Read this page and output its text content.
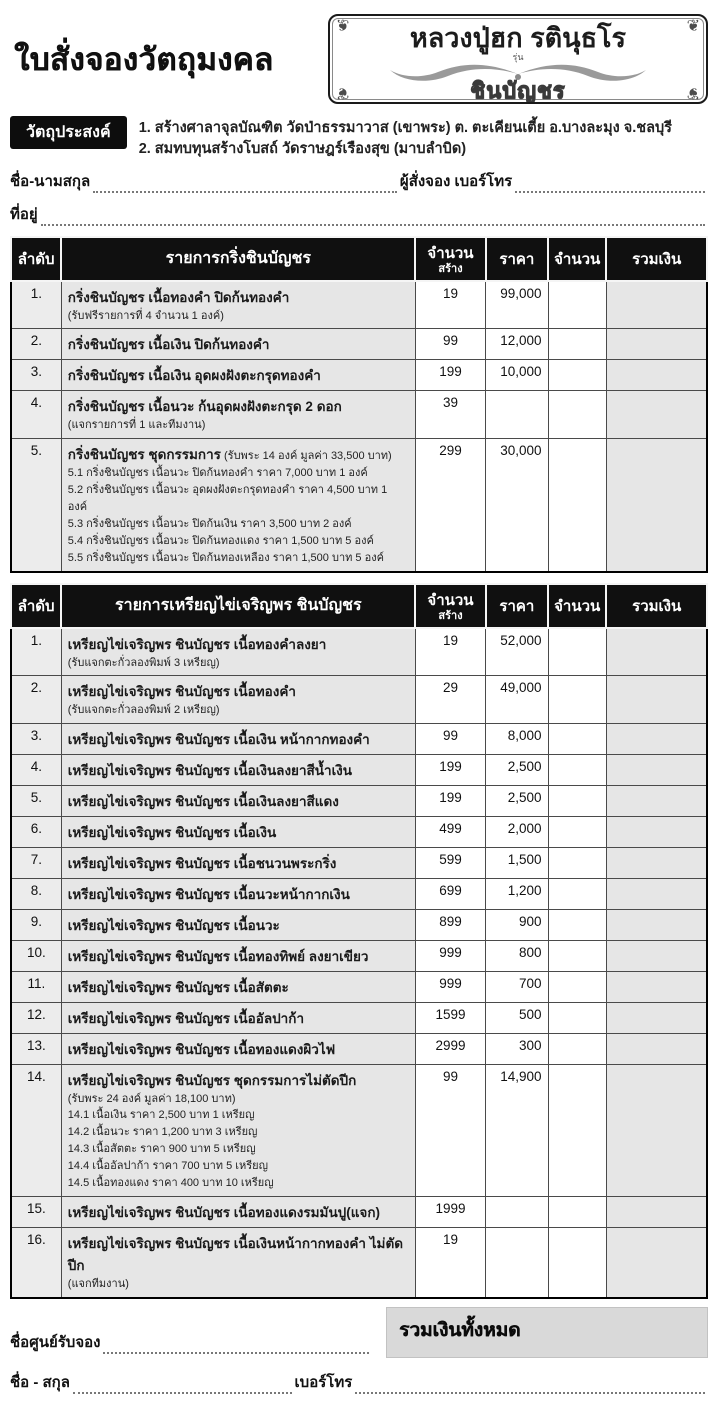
ใบสั่งจองวัตถุมงคล
❦	❦
❦	❦
หลวงปู่ฮก รตินุธโร
รุ่น
ชินบัญชร
วัตถุประสงค์	1. สร้างศาลาจุลบัณฑิต วัดป่าธรรมาวาส (เขาพระ) ต. ตะเคียนเตี้ย อ.บางละมุง จ.ชลบุรี
2. สมทบทุนสร้างโบสถ์ วัดราษฎร์เรืองสุข (มาบลำบิด)
ชื่อ-นามสกุล	ผู้สั่งจอง เบอร์โทร
ที่อยู่
ลำดับ	รายการกริ่งชินบัญชร	จำนวน
สร้าง	ราคา	จำนวน	รวมเงิน
1.	กริ่งชินบัญชร เนื้อทองคำ ปิดก้นทองคำ
(รับฟรีรายการที่ 4 จำนวน 1 องค์)	19	99,000		
2.	กริ่งชินบัญชร เนื้อเงิน ปิดก้นทองคำ	99	12,000		
3.	กริ่งชินบัญชร เนื้อเงิน อุดผงฝังตะกรุดทองคำ	199	10,000		
4.	กริ่งชินบัญชร เนื้อนวะ ก้นอุดผงฝังตะกรุด 2 ดอก
(แจกรายการที่ 1 และทีมงาน)	39			
5.	กริ่งชินบัญชร ชุดกรรมการ (รับพระ 14 องค์ มูลค่า 33,500 บาท)
5.1 กริ่งชินบัญชร เนื้อนวะ ปิดก้นทองคำ ราคา 7,000 บาท 1 องค์
5.2 กริ่งชินบัญชร เนื้อนวะ อุดผงฝังตะกรุดทองคำ ราคา 4,500 บาท 1 องค์
5.3 กริ่งชินบัญชร เนื้อนวะ ปิดก้นเงิน ราคา 3,500 บาท 2 องค์
5.4 กริ่งชินบัญชร เนื้อนวะ ปิดก้นทองแดง ราคา 1,500 บาท 5 องค์
5.5 กริ่งชินบัญชร เนื้อนวะ ปิดก้นทองเหลือง ราคา 1,500 บาท 5 องค์
	299	30,000		
ลำดับ	รายการเหรียญไข่เจริญพร ชินบัญชร	จำนวน
สร้าง	ราคา	จำนวน	รวมเงิน
1.	เหรียญไข่เจริญพร ชินบัญชร เนื้อทองคำลงยา
(รับแจกตะกั่วลองพิมพ์ 3 เหรียญ)	19	52,000		
2.	เหรียญไข่เจริญพร ชินบัญชร เนื้อทองคำ
(รับแจกตะกั่วลองพิมพ์ 2 เหรียญ)	29	49,000		
3.	เหรียญไข่เจริญพร ชินบัญชร เนื้อเงิน หน้ากากทองคำ	99	8,000		
4.	เหรียญไข่เจริญพร ชินบัญชร เนื้อเงินลงยาสีน้ำเงิน	199	2,500		
5.	เหรียญไข่เจริญพร ชินบัญชร เนื้อเงินลงยาสีแดง	199	2,500		
6.	เหรียญไข่เจริญพร ชินบัญชร เนื้อเงิน	499	2,000		
7.	เหรียญไข่เจริญพร ชินบัญชร เนื้อชนวนพระกริ่ง	599	1,500		
8.	เหรียญไข่เจริญพร ชินบัญชร เนื้อนวะหน้ากากเงิน	699	1,200		
9.	เหรียญไข่เจริญพร ชินบัญชร เนื้อนวะ	899	900		
10.	เหรียญไข่เจริญพร ชินบัญชร เนื้อทองทิพย์ ลงยาเขียว	999	800		
11.	เหรียญไข่เจริญพร ชินบัญชร เนื้อสัตตะ	999	700		
12.	เหรียญไข่เจริญพร ชินบัญชร เนื้ออัลปาก้า	1599	500		
13.	เหรียญไข่เจริญพร ชินบัญชร เนื้อทองแดงผิวไฟ	2999	300		
14.	เหรียญไข่เจริญพร ชินบัญชร ชุดกรรมการไม่ตัดปีก
(รับพระ 24 องค์ มูลค่า 18,100 บาท)
14.1 เนื้อเงิน ราคา 2,500 บาท 1 เหรียญ
14.2 เนื้อนวะ ราคา 1,200 บาท 3 เหรียญ
14.3 เนื้อสัตตะ ราคา 900 บาท 5 เหรียญ
14.4 เนื้ออัลปาก้า ราคา 700 บาท 5 เหรียญ
14.5 เนื้อทองแดง ราคา 400 บาท 10 เหรียญ
	99	14,900		
15.	เหรียญไข่เจริญพร ชินบัญชร เนื้อทองแดงรมมันปู(แจก)	1999			
16.	เหรียญไข่เจริญพร ชินบัญชร เนื้อเงินหน้ากากทองคำ ไม่ตัดปีก
(แจกทีมงาน)	19			
ชื่อศูนย์รับจอง
รวมเงินทั้งหมด
ชื่อ - สกุล	เบอร์โทร
